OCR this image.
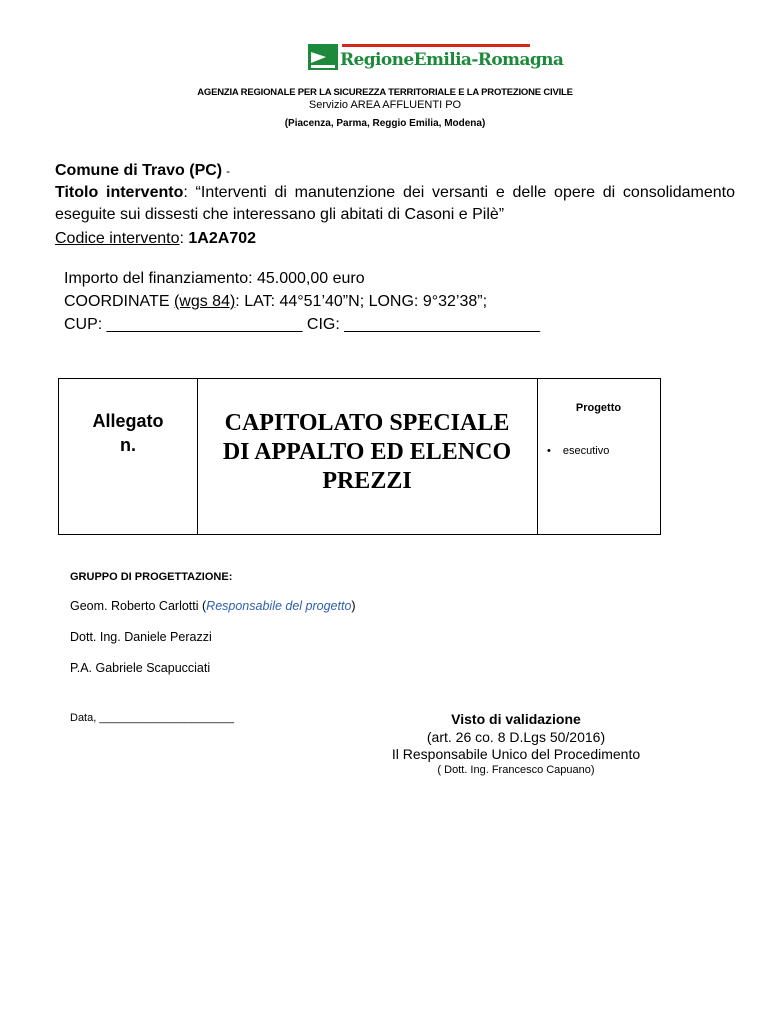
RegioneEmilia-Romagna
AGENZIA REGIONALE PER LA SICUREZZA TERRITORIALE E LA PROTEZIONE CIVILE
Servizio AREA AFFLUENTI PO
(Piacenza, Parma, Reggio Emilia, Modena)
Comune di Travo (PC) -
Titolo intervento: “Interventi di manutenzione dei versanti e delle opere di consolidamento eseguite sui dissesti che interessano gli abitati di Casoni e Pilè”
Codice intervento: 1A2A702
Importo del finanziamento: 45.000,00 euro
COORDINATE (wgs 84): LAT: 44°51’40”N; LONG: 9°32’38”;
CUP: ______________________ CIG: ______________________
Allegato
n.
CAPITOLATO SPECIALE
DI APPALTO ED ELENCO
PREZZI
Progetto
• esecutivo
GRUPPO DI PROGETTAZIONE:
Geom. Roberto Carlotti (Responsabile del progetto)
Dott. Ing. Daniele Perazzi
P.A. Gabriele Scapucciati
Data, ______________________	Visto di validazione
(art. 26 co. 8 D.Lgs 50/2016)
Il Responsabile Unico del Procedimento
( Dott. Ing. Francesco Capuano)
